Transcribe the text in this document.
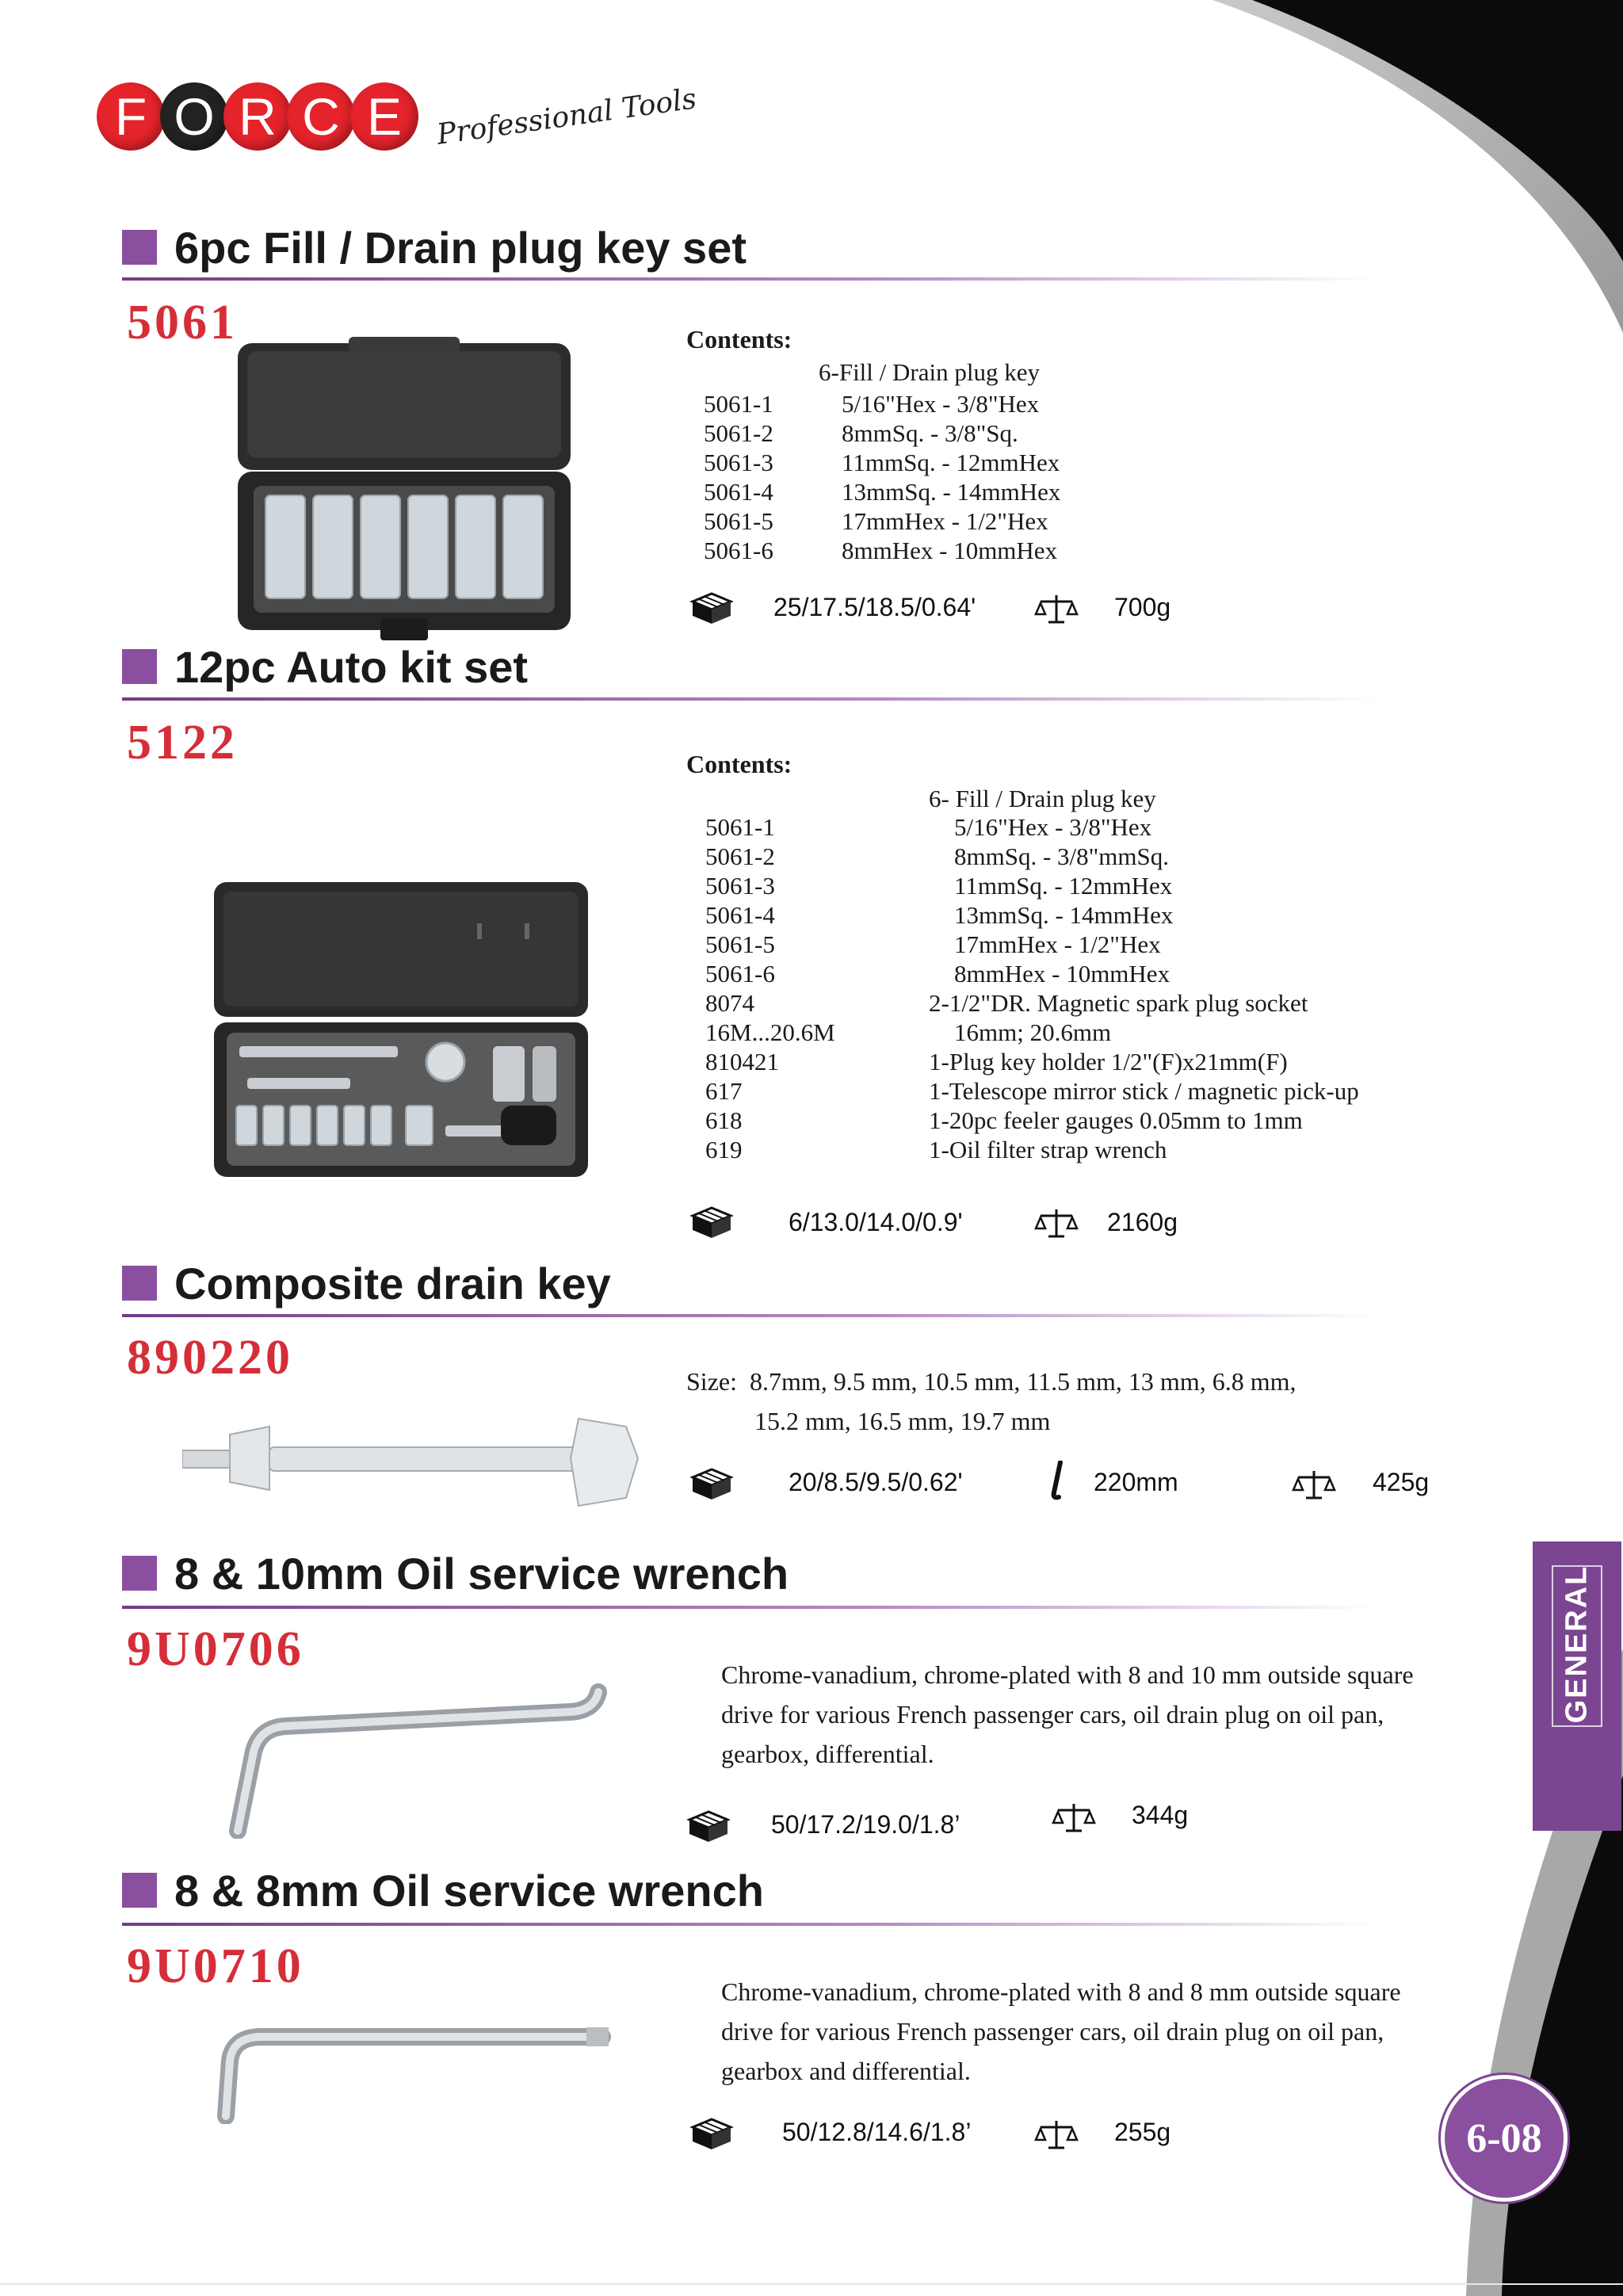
F O R C E	Professional Tools
6pc Fill / Drain plug key set
5061	Contents:
6-Fill / Drain plug key
5061-1	5/16"Hex - 3/8"Hex
5061-2	8mmSq. - 3/8"Sq.
5061-3	11mmSq. - 12mmHex
5061-4	13mmSq. - 14mmHex
5061-5	17mmHex - 1/2"Hex
5061-6	8mmHex - 10mmHex
25/17.5/18.5/0.64'	700g
12pc Auto kit set
5122	Contents:
6- Fill / Drain plug key
5061-1	5/16"Hex - 3/8"Hex
5061-2	8mmSq. - 3/8"mmSq.
5061-3	11mmSq. - 12mmHex
5061-4	13mmSq. - 14mmHex
5061-5	17mmHex - 1/2"Hex
5061-6	8mmHex - 10mmHex
8074	2-1/2"DR. Magnetic spark plug socket
16M...20.6M	16mm; 20.6mm
810421	1-Plug key holder 1/2"(F)x21mm(F)
617	1-Telescope mirror stick / magnetic pick-up
618	1-20pc feeler gauges 0.05mm to 1mm
619	1-Oil filter strap wrench
6/13.0/14.0/0.9'	2160g
Composite drain key
890220	Size: 8.7mm, 9.5 mm, 10.5 mm, 11.5 mm, 13 mm, 6.8 mm,
15.2 mm, 16.5 mm, 19.7 mm
20/8.5/9.5/0.62'	220mm	425g
8 & 10mm Oil service wrench
9U0706	Chrome-vanadium, chrome-plated with 8 and 10 mm outside square
drive for various French passenger cars, oil drain plug on oil pan,
gearbox, differential.
50/17.2/19.0/1.8’	344g
8 & 8mm Oil service wrench
9U0710	Chrome-vanadium, chrome-plated with 8 and 8 mm outside square
drive for various French passenger cars, oil drain plug on oil pan,
gearbox and differential.
50/12.8/14.6/1.8’	255g
GENERAL
6-08
